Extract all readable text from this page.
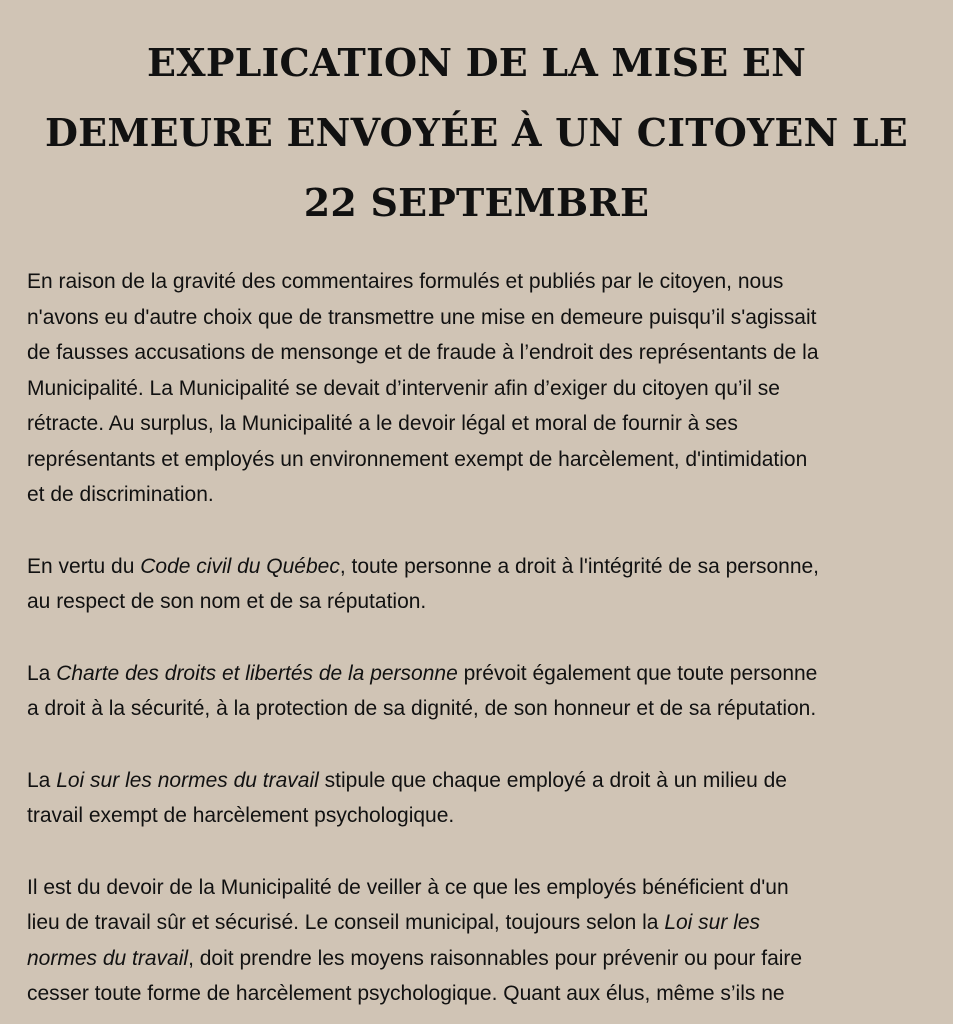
EXPLICATION DE LA MISE EN
DEMEURE ENVOYÉE À UN CITOYEN LE
22 SEPTEMBRE

En raison de la gravité des commentaires formulés et publiés par le citoyen, nous
n'avons eu d'autre choix que de transmettre une mise en demeure puisqu’il s'agissait
de fausses accusations de mensonge et de fraude à l’endroit des représentants de la
Municipalité. La Municipalité se devait d’intervenir afin d’exiger du citoyen qu’il se
rétracte. Au surplus, la Municipalité a le devoir légal et moral de fournir à ses
représentants et employés un environnement exempt de harcèlement, d'intimidation
et de discrimination.

En vertu du Code civil du Québec, toute personne a droit à l'intégrité de sa personne,
au respect de son nom et de sa réputation.

La Charte des droits et libertés de la personne prévoit également que toute personne
a droit à la sécurité, à la protection de sa dignité, de son honneur et de sa réputation.

La Loi sur les normes du travail stipule que chaque employé a droit à un milieu de
travail exempt de harcèlement psychologique.

Il est du devoir de la Municipalité de veiller à ce que les employés bénéficient d'un
lieu de travail sûr et sécurisé. Le conseil municipal, toujours selon la Loi sur les
normes du travail, doit prendre les moyens raisonnables pour prévenir ou pour faire
cesser toute forme de harcèlement psychologique. Quant aux élus, même s’ils ne
